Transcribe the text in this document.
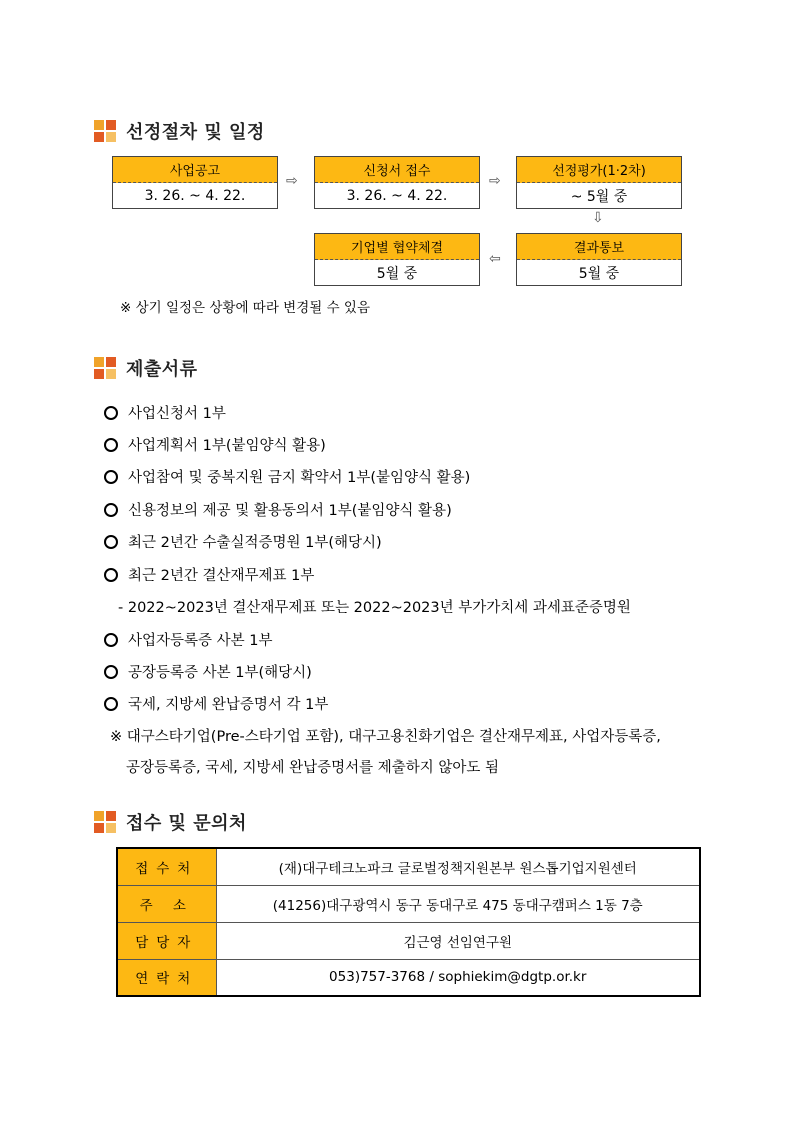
선정절차 및 일정
사업공고
3. 26. ~ 4. 22.
⇨
신청서 접수
3. 26. ~ 4. 22.
⇨
선정평가(1·2차)
~ 5월 중
⇩
결과통보
5월 중
⇦
기업별 협약체결
5월 중
※ 상기 일정은 상황에 따라 변경될 수 있음
제출서류
사업신청서 1부
사업계획서 1부(붙임양식 활용)
사업참여 및 중복지원 금지 확약서 1부(붙임양식 활용)
신용정보의 제공 및 활용동의서 1부(붙임양식 활용)
최근 2년간 수출실적증명원 1부(해당시)
최근 2년간 결산재무제표 1부
- 2022~2023년 결산재무제표 또는 2022~2023년 부가가치세 과세표준증명원
사업자등록증 사본 1부
공장등록증 사본 1부(해당시)
국세, 지방세 완납증명서 각 1부
※ 대구스타기업(Pre-스타기업 포함), 대구고용친화기업은 결산재무제표, 사업자등록증,
공장등록증, 국세, 지방세 완납증명서를 제출하지 않아도 됨
접수 및 문의처
접수처	(재)대구테크노파크 글로벌정책지원본부 원스톱기업지원센터
주 소	(41256)대구광역시 동구 동대구로 475 동대구캠퍼스 1동 7층
담당자	김근영 선임연구원
연락처	053)757-3768 / sophiekim@dgtp.or.kr
